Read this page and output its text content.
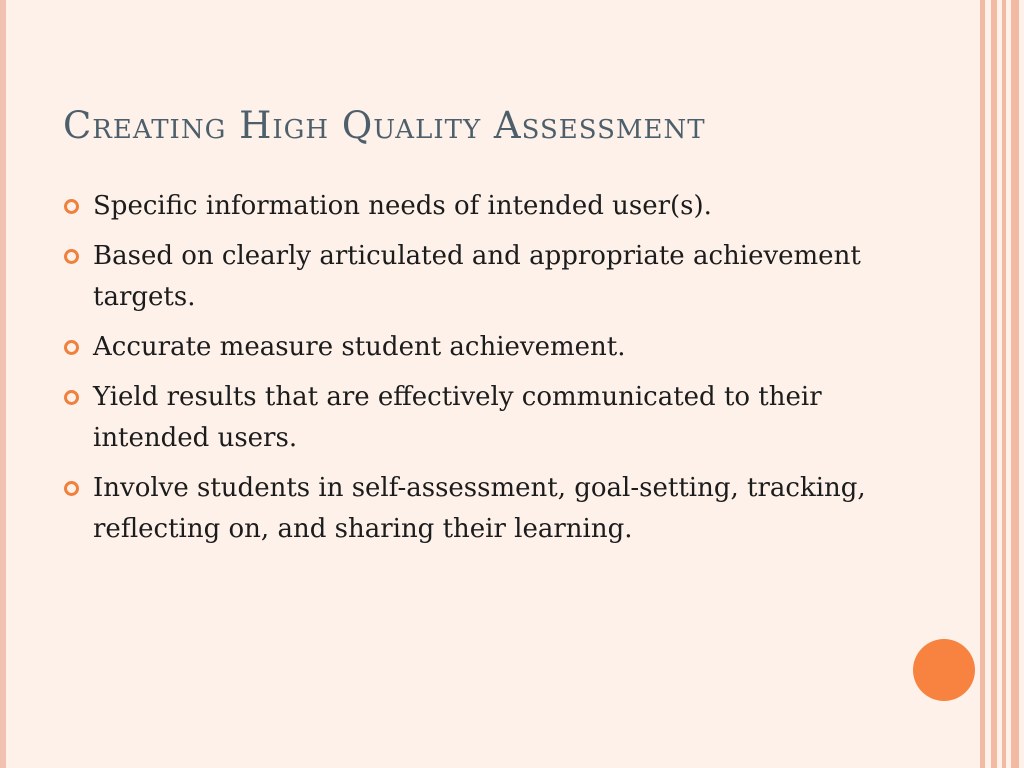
Creating High Quality Assessment
Specific information needs of intended user(s).
Based on clearly articulated and appropriate achievement targets.
Accurate measure student achievement.
Yield results that are effectively communicated to their intended users.
Involve students in self-assessment, goal-setting, tracking, reflecting on, and sharing their learning.
